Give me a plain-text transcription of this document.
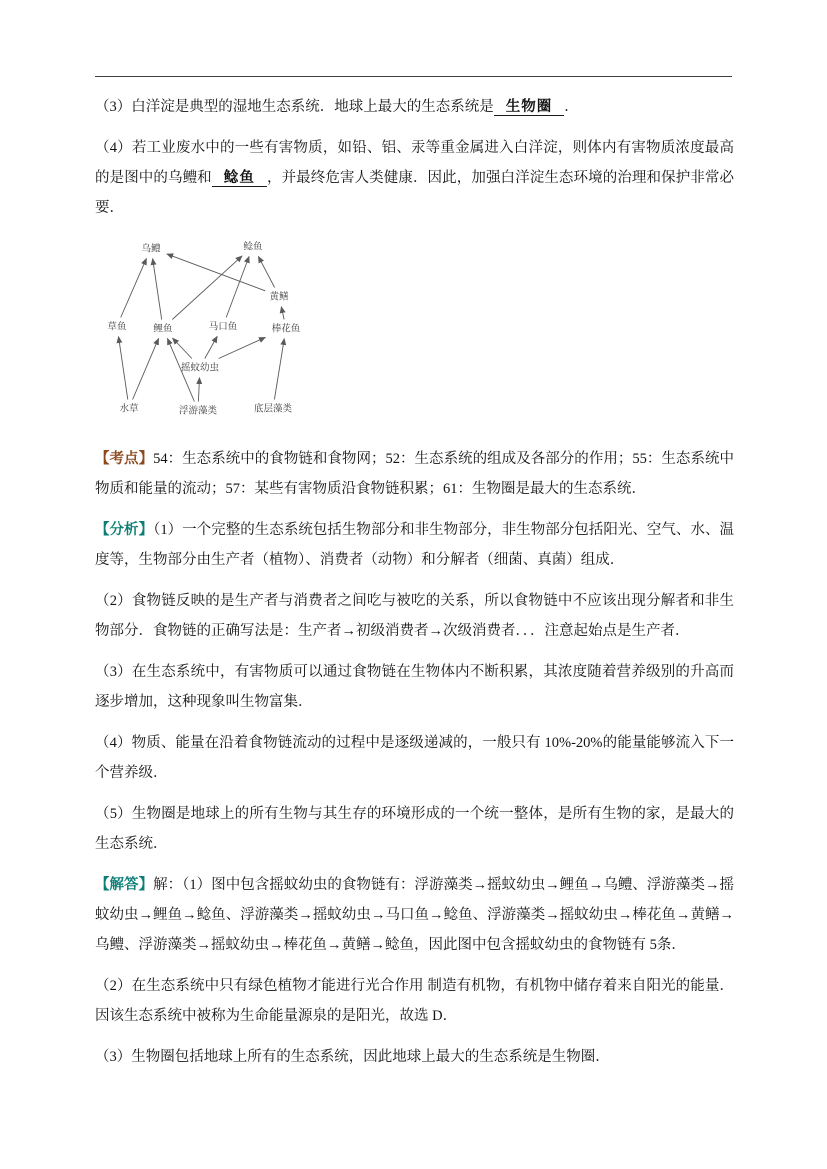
（3）白洋淀是典型的湿地生态系统．地球上最大的生态系统是 生物圈 ．

（4）若工业废水中的一些有害物质，如铅、铝、汞等重金属进入白洋淀，则体内有害物质浓度最高的是图中的乌鳢和 鲶鱼 ，并最终危害人类健康．因此，加强白洋淀生态环境的治理和保护非常必要．

乌鳢	鲶鱼
黄鳝
草鱼	鲤鱼	马口鱼	棒花鱼
摇蚊幼虫
水草	浮游藻类	底层藻类

【考点】54：生态系统中的食物链和食物网；52：生态系统的组成及各部分的作用；55：生态系统中物质和能量的流动；57：某些有害物质沿食物链积累；61：生物圈是最大的生态系统．

【分析】（1）一个完整的生态系统包括生物部分和非生物部分，非生物部分包括阳光、空气、水、温度等，生物部分由生产者（植物）、消费者（动物）和分解者（细菌、真菌）组成．

（2）食物链反映的是生产者与消费者之间吃与被吃的关系，所以食物链中不应该出现分解者和非生物部分．食物链的正确写法是：生产者→初级消费者→次级消费者．．．注意起始点是生产者．

（3）在生态系统中，有害物质可以通过食物链在生物体内不断积累，其浓度随着营养级别的升高而逐步增加，这种现象叫生物富集．

（4）物质、能量在沿着食物链流动的过程中是逐级递减的，一般只有 10%-20%的能量能够流入下一个营养级．

（5）生物圈是地球上的所有生物与其生存的环境形成的一个统一整体，是所有生物的家，是最大的生态系统．

【解答】解：（1）图中包含摇蚊幼虫的食物链有：浮游藻类→摇蚊幼虫→鲤鱼→乌鳢、浮游藻类→摇蚊幼虫→鲤鱼→鲶鱼、浮游藻类→摇蚊幼虫→马口鱼→鲶鱼、浮游藻类→摇蚊幼虫→棒花鱼→黄鳝→乌鳢、浮游藻类→摇蚊幼虫→棒花鱼→黄鳝→鲶鱼，因此图中包含摇蚊幼虫的食物链有 5条．

（2）在生态系统中只有绿色植物才能进行光合作用 制造有机物，有机物中储存着来自阳光的能量．因该生态系统中被称为生命能量源泉的是阳光，故选 D．

（3）生物圈包括地球上所有的生态系统，因此地球上最大的生态系统是生物圈．
